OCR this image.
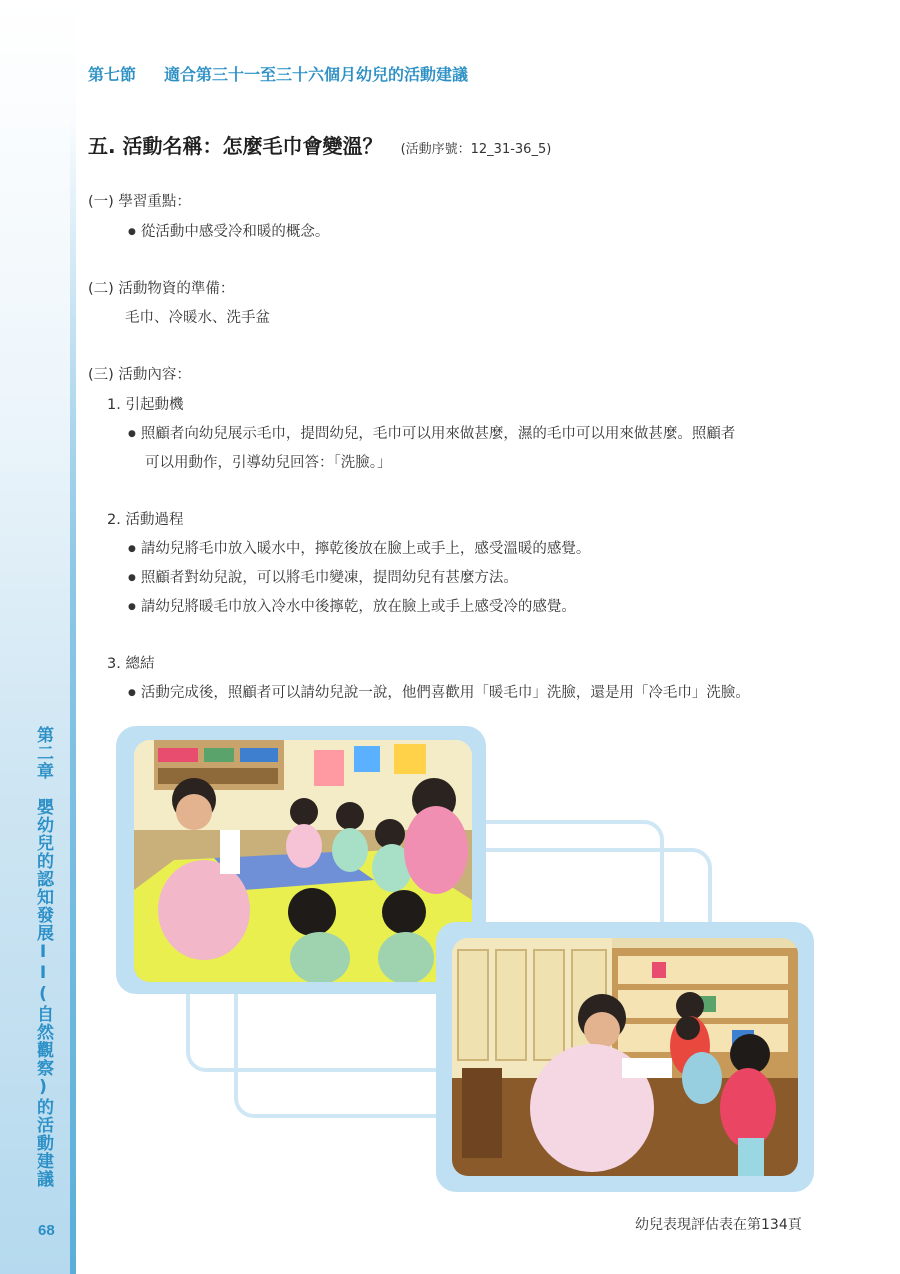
第二章　嬰幼兒的認知發展II(自然觀察)的活動建議
68
第七節 適合第三十一至三十六個月幼兒的活動建議
五. 活動名稱：怎麼毛巾會變溫？ (活動序號：12_31-36_5)
(一) 學習重點：
● 從活動中感受冷和暖的概念。
(二) 活動物資的準備：
毛巾、冷暖水、洗手盆
(三) 活動內容：
1. 引起動機
● 照顧者向幼兒展示毛巾，提問幼兒，毛巾可以用來做甚麼，濕的毛巾可以用來做甚麼。照顧者
可以用動作，引導幼兒回答：「洗臉。」
2. 活動過程
● 請幼兒將毛巾放入暖水中，擰乾後放在臉上或手上，感受溫暖的感覺。
● 照顧者對幼兒說，可以將毛巾變凍，提問幼兒有甚麼方法。
● 請幼兒將暖毛巾放入冷水中後擰乾，放在臉上或手上感受冷的感覺。
3. 總結
● 活動完成後，照顧者可以請幼兒說一說，他們喜歡用「暖毛巾」洗臉，還是用「冷毛巾」洗臉。
幼兒表現評估表在第134頁
